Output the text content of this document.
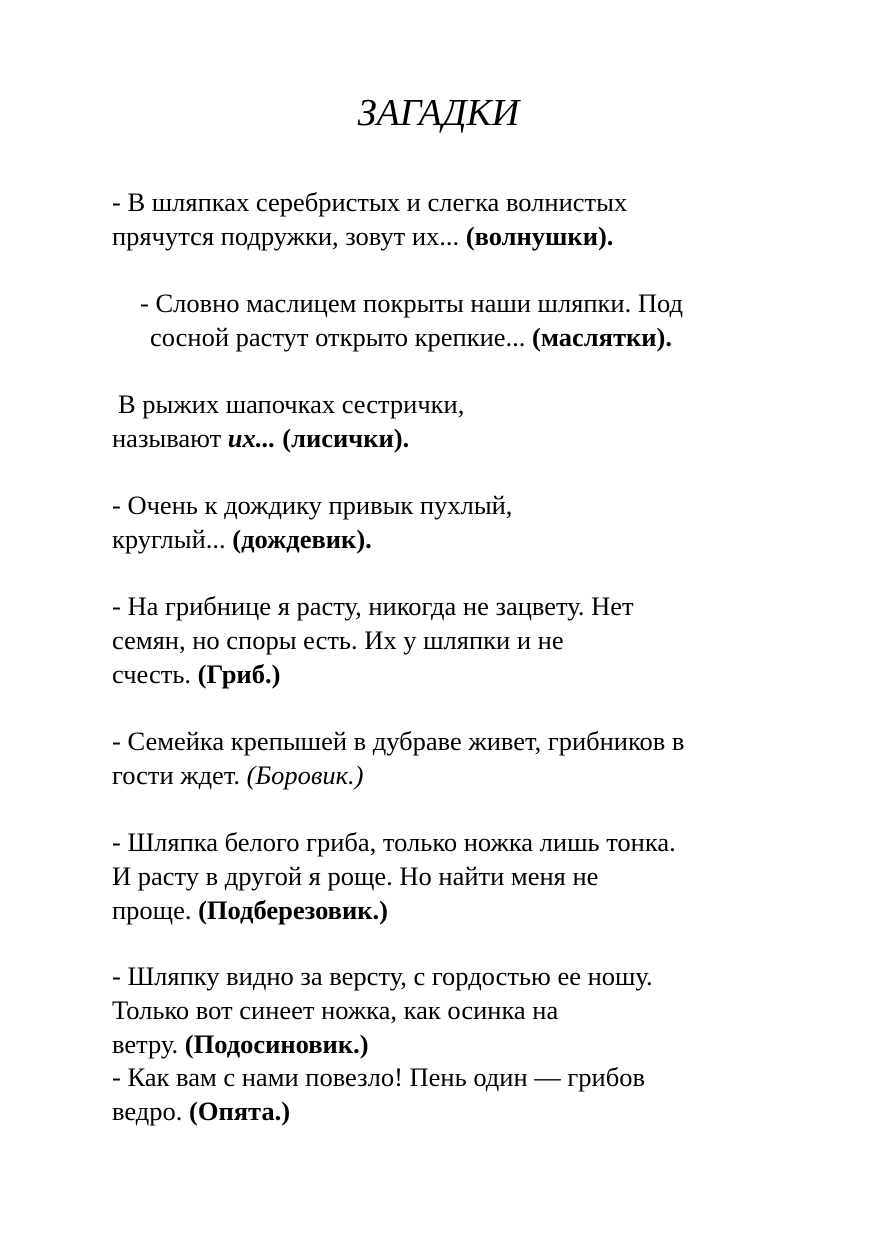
ЗАГАДКИ

- В шляпках серебристых и слегка волнистых
прячутся подружки, зовут их... (волнушки).

- Словно маслицем покрыты наши шляпки. Под
сосной растут открыто крепкие... (маслятки).

В рыжих шапочках сестрички,
называют их... (лисички).

- Очень к дождику привык пухлый,
круглый... (дождевик).

- На грибнице я расту, никогда не зацвету. Нет
семян, но споры есть. Их у шляпки и не
счесть. (Гриб.)

- Семейка крепышей в дубраве живет, грибников в
гости ждет. (Боровик.)

- Шляпка белого гриба, только ножка лишь тонка.
И расту в другой я роще. Но найти меня не
проще. (Подберезовик.)

- Шляпку видно за версту, с гордостью ее ношу.
Только вот синеет ножка, как осинка на
ветру. (Подосиновик.)

- Как вам с нами повезло! Пень один — грибов
ведро. (Опята.)
